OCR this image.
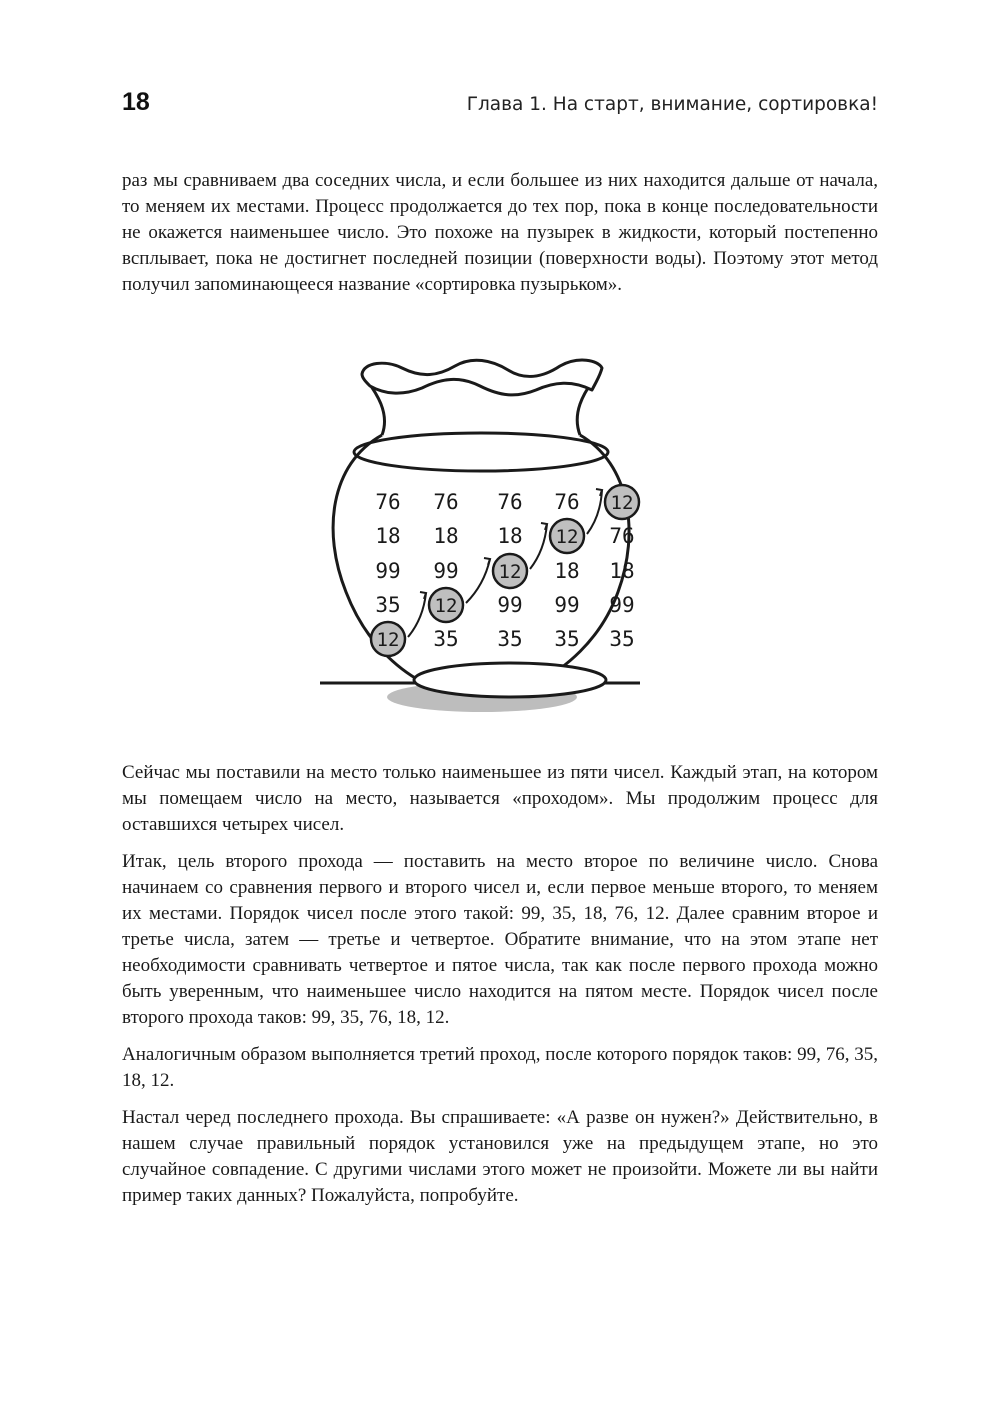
18	Глава 1. На старт, внимание, сортировка!

раз мы сравниваем два соседних числа, и если большее из них находится дальше от начала, то меняем их местами. Процесс продолжается до тех пор, пока в конце последовательности не окажется наименьшее число. Это похоже на пузырек в жидкости, который постепенно всплывает, пока не достигнет последней позиции (поверхности воды). Поэтому этот метод получил запоминающееся название «сортировка пузырьком».

76
18
99
35
12
76
18
99
12
35
76
18
12
99
35
76
12
18
99
35
12
76
18
99
35

Сейчас мы поставили на место только наименьшее из пяти чисел. Каждый этап, на котором мы помещаем число на место, называется «проходом». Мы продолжим процесс для оставшихся четырех чисел.

Итак, цель второго прохода — поставить на место второе по величине число. Снова начинаем со сравнения первого и второго чисел и, если первое меньше второго, то меняем их местами. Порядок чисел после этого такой: 99, 35, 18, 76, 12. Далее сравним второе и третье числа, затем — третье и четвертое. Обратите внимание, что на этом этапе нет необходимости сравнивать четвертое и пятое числа, так как после первого прохода можно быть уверенным, что наименьшее число находится на пятом месте. Порядок чисел после второго прохода таков: 99, 35, 76, 18, 12.

Аналогичным образом выполняется третий проход, после которого порядок таков: 99, 76, 35, 18, 12.

Настал черед последнего прохода. Вы спрашиваете: «А разве он нужен?» Действительно, в нашем случае правильный порядок установился уже на предыдущем этапе, но это случайное совпадение. С другими числами этого может не произойти. Можете ли вы найти пример таких данных? Пожалуйста, попробуйте.
